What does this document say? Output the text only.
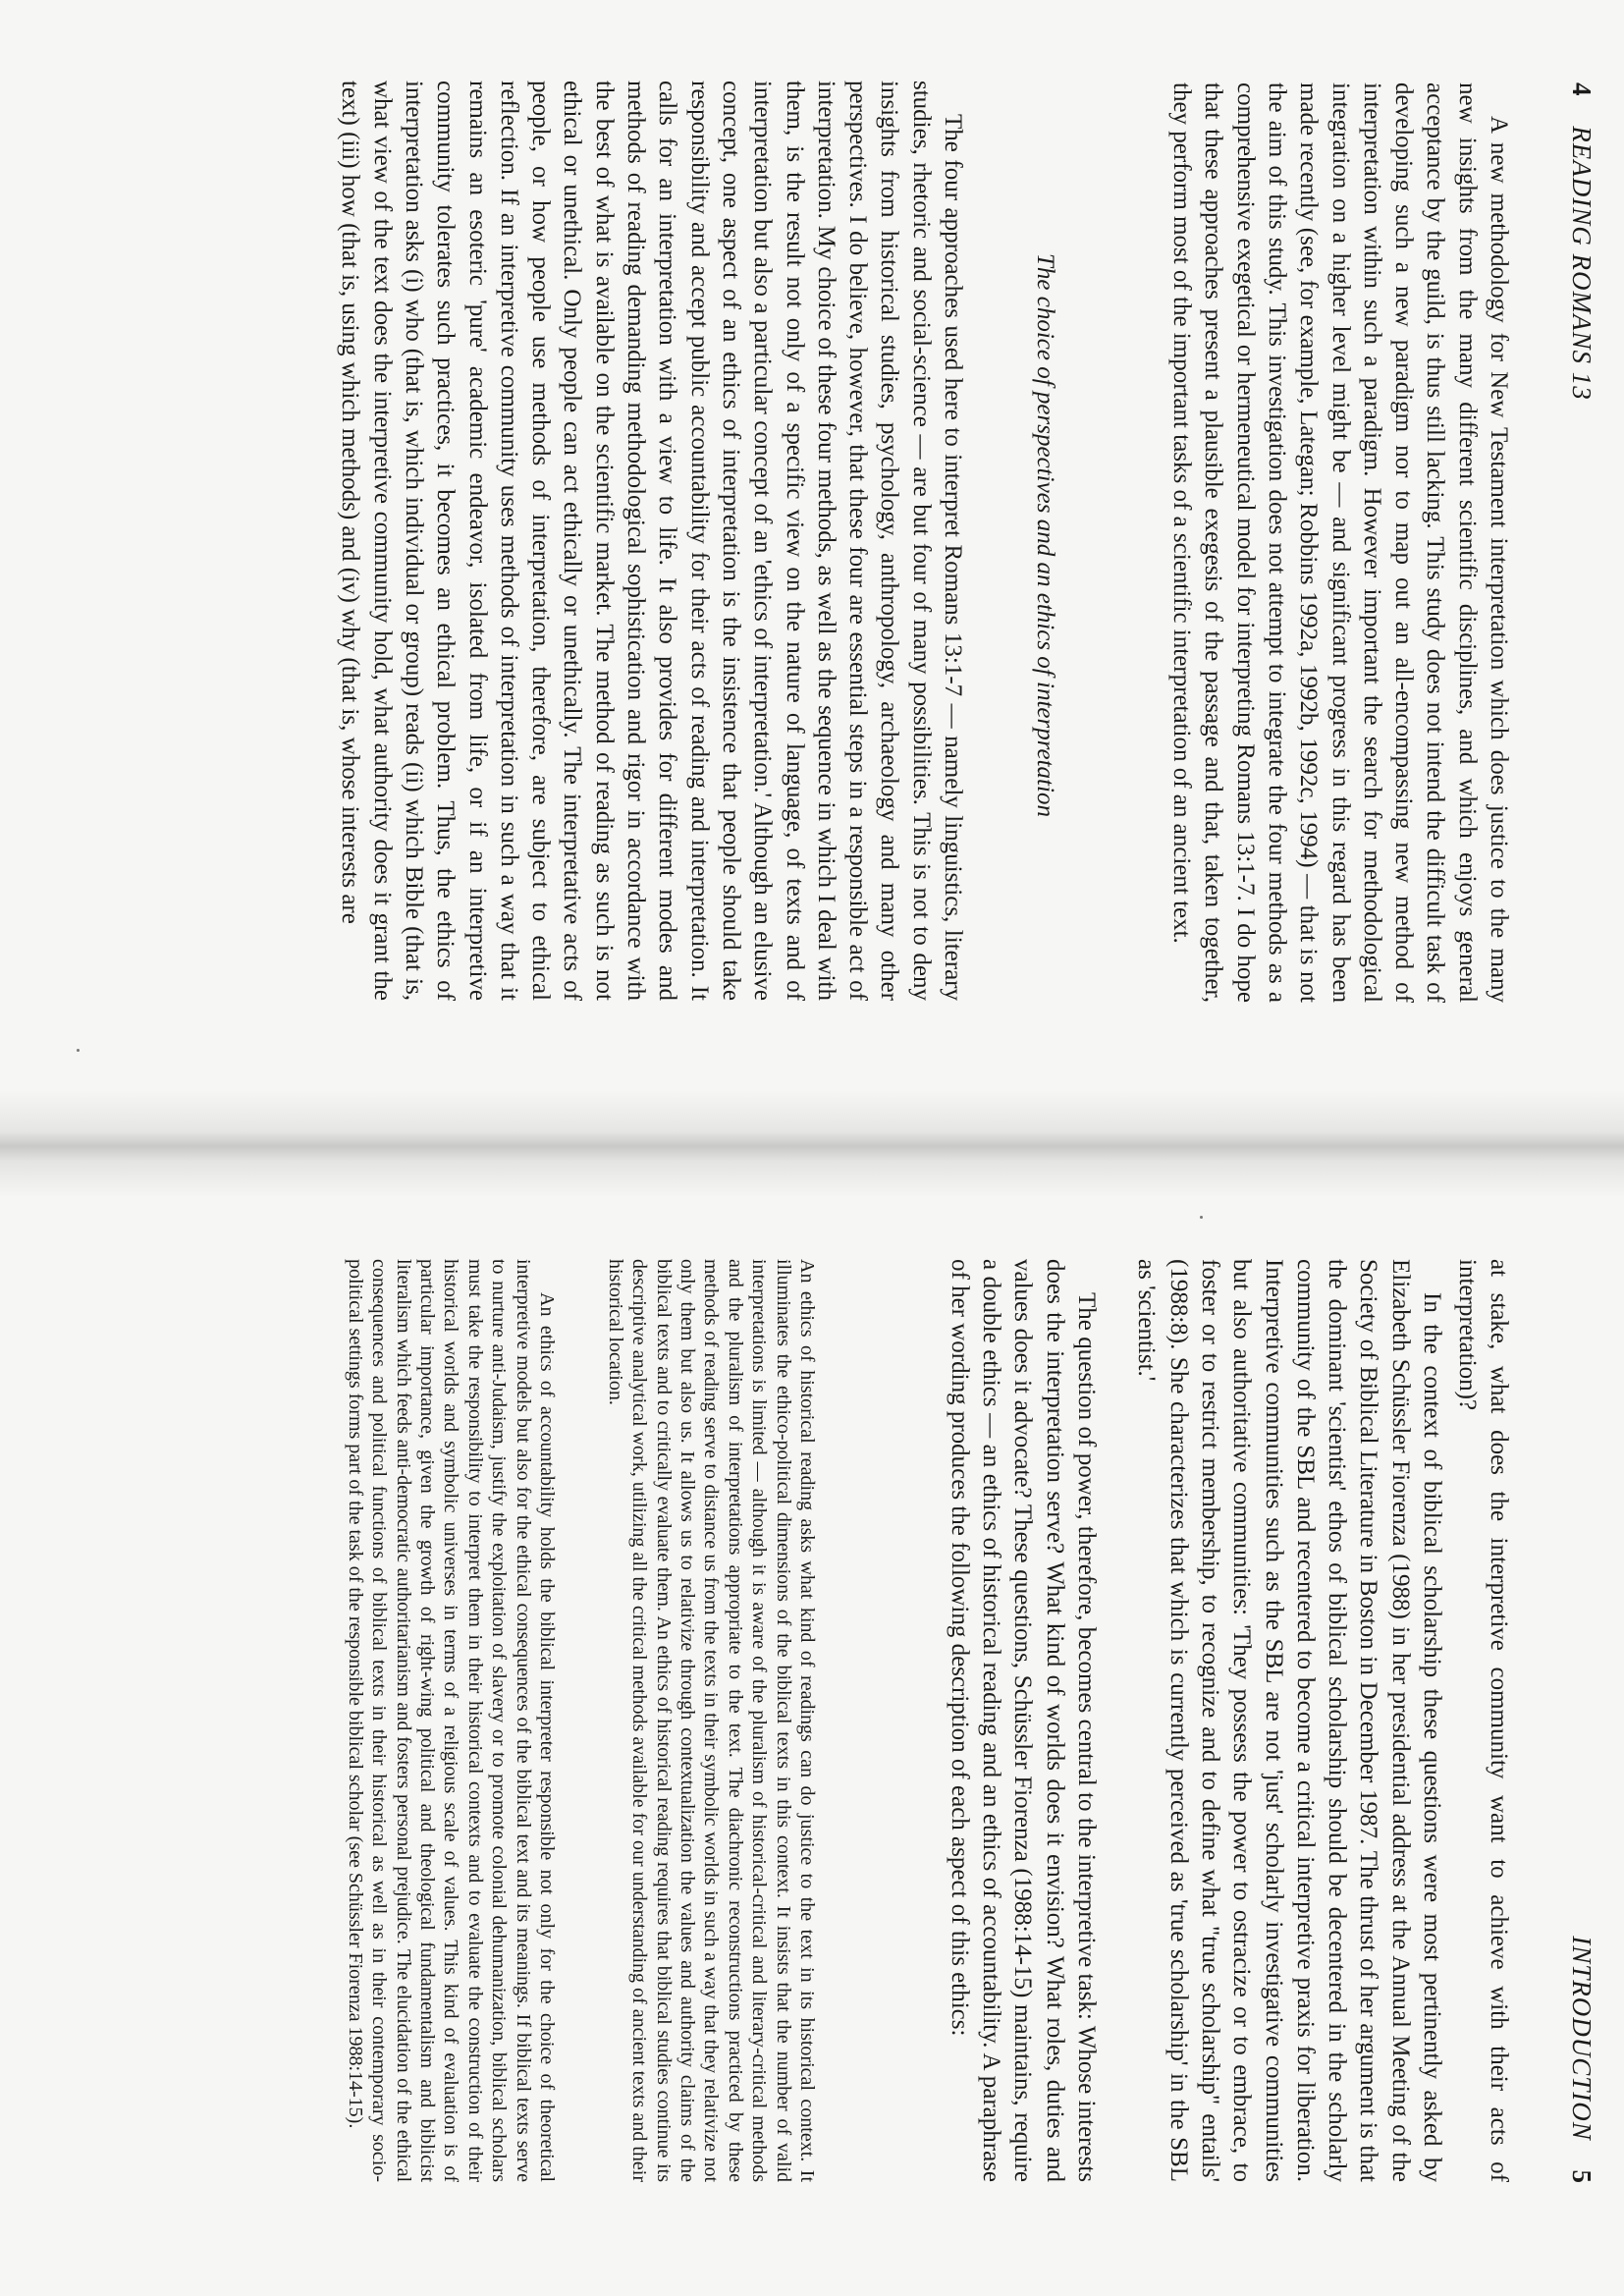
4 READING ROMANS 13

A new methodology for New Testament interpretation which does justice to the many new insights from the many different scientific disciplines, and which enjoys general acceptance by the guild, is thus still lacking. This study does not intend the difficult task of developing such a new paradigm nor to map out an all-encompassing new method of interpretation within such a paradigm. However important the search for methodological integration on a higher level might be — and significant progress in this regard has been made recently (see, for example, Lategan; Robbins 1992a, 1992b, 1992c, 1994) — that is not the aim of this study. This investigation does not attempt to integrate the four methods as a comprehensive exegetical or hermeneutical model for interpreting Romans 13:1-7. I do hope that these approaches present a plausible exegesis of the passage and that, taken together, they perform most of the important tasks of a scientific interpretation of an ancient text.

The choice of perspectives and an ethics of interpretation

The four approaches used here to interpret Romans 13:1-7 — namely linguistics, literary studies, rhetoric and social-science — are but four of many possibilities. This is not to deny insights from historical studies, psychology, anthropology, archaeology and many other perspectives. I do believe, however, that these four are essential steps in a responsible act of interpretation. My choice of these four methods, as well as the sequence in which I deal with them, is the result not only of a specific view on the nature of language, of texts and of interpretation but also a particular concept of an 'ethics of interpretation.' Although an elusive concept, one aspect of an ethics of interpretation is the insistence that people should take responsibility and accept public accountability for their acts of reading and interpretation. It calls for an interpretation with a view to life. It also provides for different modes and methods of reading demanding methodological sophistication and rigor in accordance with the best of what is available on the scientific market. The method of reading as such is not ethical or unethical. Only people can act ethically or unethically. The interpretative acts of people, or how people use methods of interpretation, therefore, are subject to ethical reflection. If an interpretive community uses methods of interpretation in such a way that it remains an esoteric 'pure' academic endeavor, isolated from life, or if an interpretive community tolerates such practices, it becomes an ethical problem. Thus, the ethics of interpretation asks (i) who (that is, which individual or group) reads (ii) which Bible (that is, what view of the text does the interpretive community hold, what authority does it grant the text) (iii) how (that is, using which methods) and (iv) why (that is, whose interests are

INTRODUCTION 5

at stake, what does the interpretive community want to achieve with their acts of interpretation)?

In the context of biblical scholarship these questions were most pertinently asked by Elizabeth Schüssler Fiorenza (1988) in her presidential address at the Annual Meeting of the Society of Biblical Literature in Boston in December 1987. The thrust of her argument is that the dominant 'scientist' ethos of biblical scholarship should be decentered in the scholarly community of the SBL and recentered to become a critical interpretive praxis for liberation. Interpretive communities such as the SBL are not 'just' scholarly investigative communities but also authoritative communities: 'They possess the power to ostracize or to embrace, to foster or to restrict membership, to recognize and to define what "true scholarship" entails' (1988:8). She characterizes that which is currently perceived as 'true scholarship' in the SBL as 'scientist.'

The question of power, therefore, becomes central to the interpretive task: Whose interests does the interpretation serve? What kind of worlds does it envision? What roles, duties and values does it advocate? These questions, Schüssler Fiorenza (1988:14-15) maintains, require a double ethics — an ethics of historical reading and an ethics of accountability. A paraphrase of her wording produces the following description of each aspect of this ethics:

An ethics of historical reading asks what kind of readings can do justice to the text in its historical context. It illuminates the ethico-political dimensions of the biblical texts in this context. It insists that the number of valid interpretations is limited — although it is aware of the pluralism of historical-critical and literary-critical methods and the pluralism of interpretations appropriate to the text. The diachronic reconstructions practiced by these methods of reading serve to distance us from the texts in their symbolic worlds in such a way that they relativize not only them but also us. It allows us to relativize through contextualization the values and authority claims of the biblical texts and to critically evaluate them. An ethics of historical reading requires that biblical studies continue its descriptive analytical work, utilizing all the critical methods available for our understanding of ancient texts and their historical location.

An ethics of accountability holds the biblical interpreter responsible not only for the choice of theoretical interpretive models but also for the ethical consequences of the biblical text and its meanings. If biblical texts serve to nurture anti-Judaism, justify the exploitation of slavery or to promote colonial dehumanization, biblical scholars must take the responsibility to interpret them in their historical contexts and to evaluate the construction of their historical worlds and symbolic universes in terms of a religious scale of values. This kind of evaluation is of particular importance, given the growth of right-wing political and theological fundamentalism and biblicist literalism which feeds anti-democratic authoritarianism and fosters personal prejudice. The elucidation of the ethical consequences and political functions of biblical texts in their historical as well as in their contemporary socio-political settings forms part of the task of the responsible biblical scholar (see Schüssler Fiorenza 1988:14-15).
